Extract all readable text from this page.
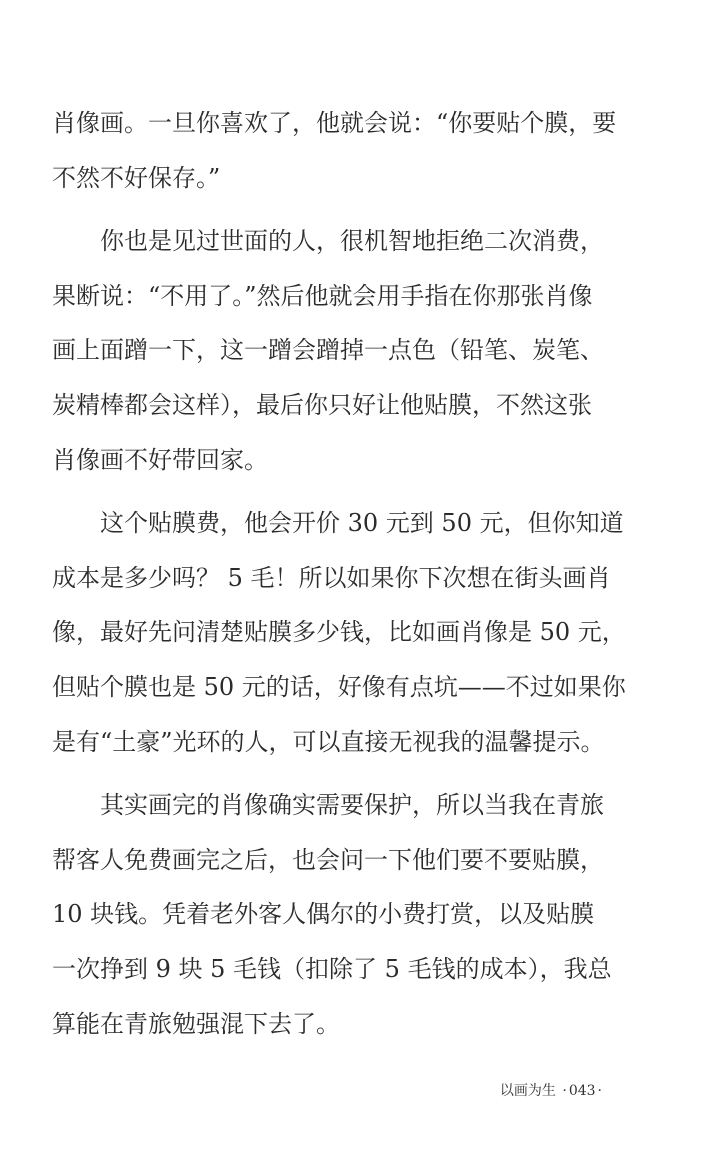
肖像画。一旦你喜欢了，他就会说：“你要贴个膜，要
不然不好保存。”
　　你也是见过世面的人，很机智地拒绝二次消费，
果断说：“不用了。”然后他就会用手指在你那张肖像
画上面蹭一下，这一蹭会蹭掉一点色（铅笔、炭笔、
炭精棒都会这样），最后你只好让他贴膜，不然这张
肖像画不好带回家。
　　这个贴膜费，他会开价 30 元到 50 元，但你知道
成本是多少吗？ 5 毛！所以如果你下次想在街头画肖
像，最好先问清楚贴膜多少钱，比如画肖像是 50 元，
但贴个膜也是 50 元的话，好像有点坑——不过如果你
是有“土豪”光环的人，可以直接无视我的温馨提示。
　　其实画完的肖像确实需要保护，所以当我在青旅
帮客人免费画完之后，也会问一下他们要不要贴膜，
10 块钱。凭着老外客人偶尔的小费打赏，以及贴膜
一次挣到 9 块 5 毛钱（扣除了 5 毛钱的成本），我总
算能在青旅勉强混下去了。
以画为生 · 043 ·
